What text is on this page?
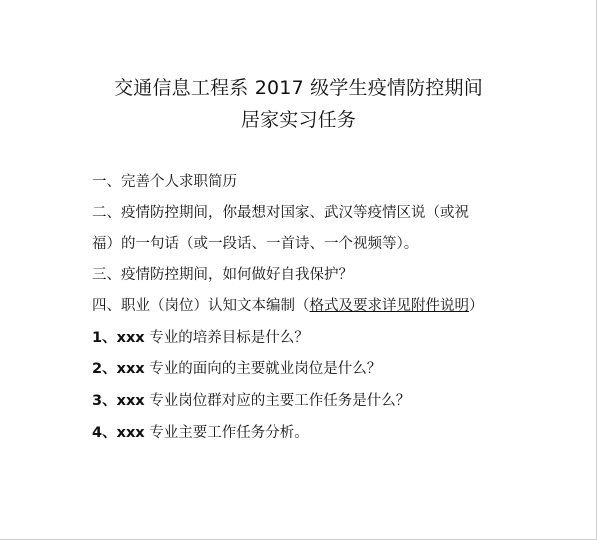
交通信息工程系 2017 级学生疫情防控期间
居家实习任务
一、完善个人求职简历
二、疫情防控期间，你最想对国家、武汉等疫情区说（或祝
福）的一句话（或一段话、一首诗、一个视频等）。
三、疫情防控期间，如何做好自我保护？
四、职业（岗位）认知文本编制（格式及要求详见附件说明）
1、xxx 专业的培养目标是什么？
2、xxx 专业的面向的主要就业岗位是什么？
3、xxx 专业岗位群对应的主要工作任务是什么？
4、xxx 专业主要工作任务分析。
